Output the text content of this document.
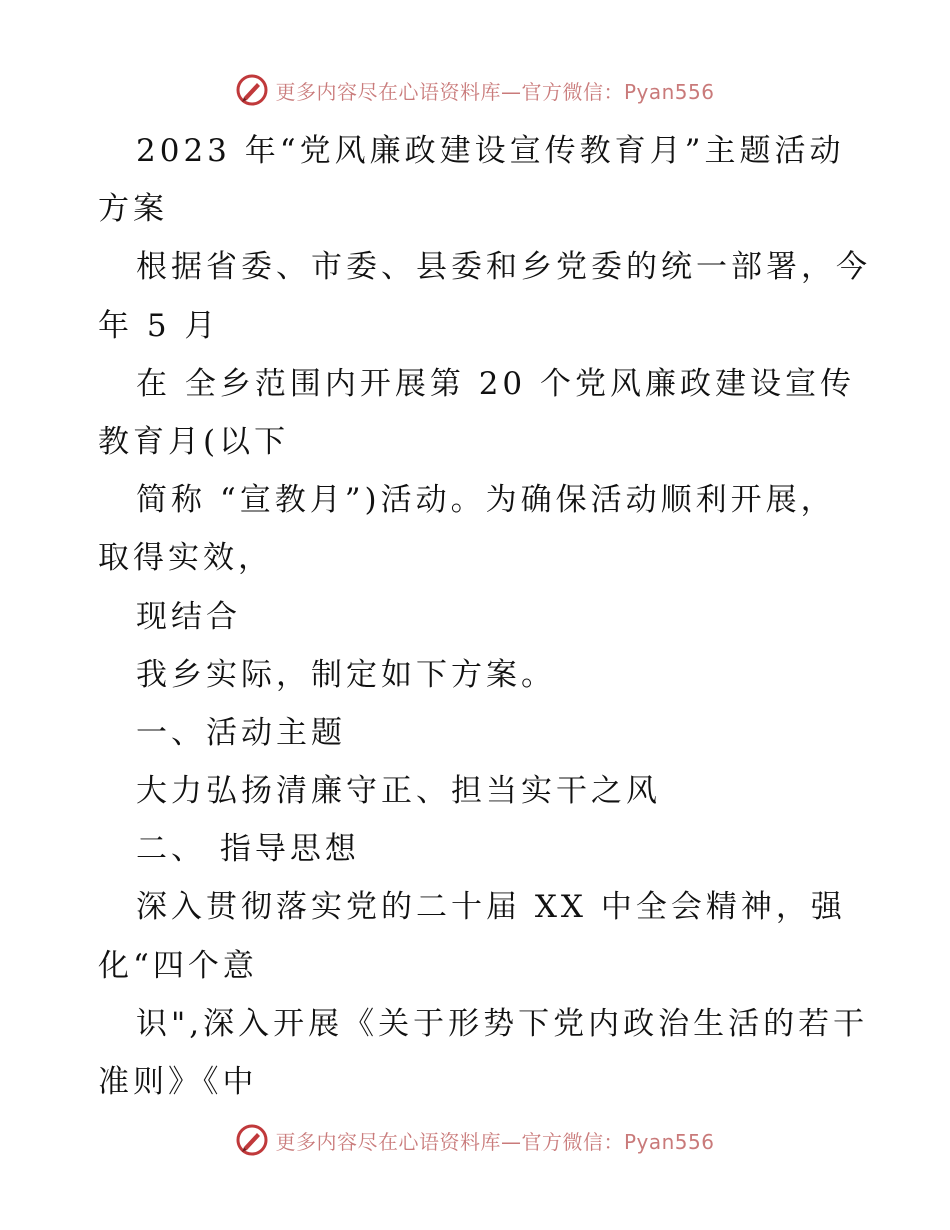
更多内容尽在心语资料库—官方微信：Pyan556
2023 年“党风廉政建设宣传教育月”主题活动
方案
根据省委、市委、县委和乡党委的统一部署，今
年 5 月
在 全乡范围内开展第 20 个党风廉政建设宣传
教育月(以下
简称 “宣教月”)活动。为确保活动顺利开展，
取得实效，
现结合
我乡实际，制定如下方案。
一、活动主题
大力弘扬清廉守正、担当实干之风
二、 指导思想
深入贯彻落实党的二十届 XX 中全会精神，强
化“四个意
识",深入开展《关于形势下党内政治生活的若干
准则》《中
更多内容尽在心语资料库—官方微信：Pyan556
